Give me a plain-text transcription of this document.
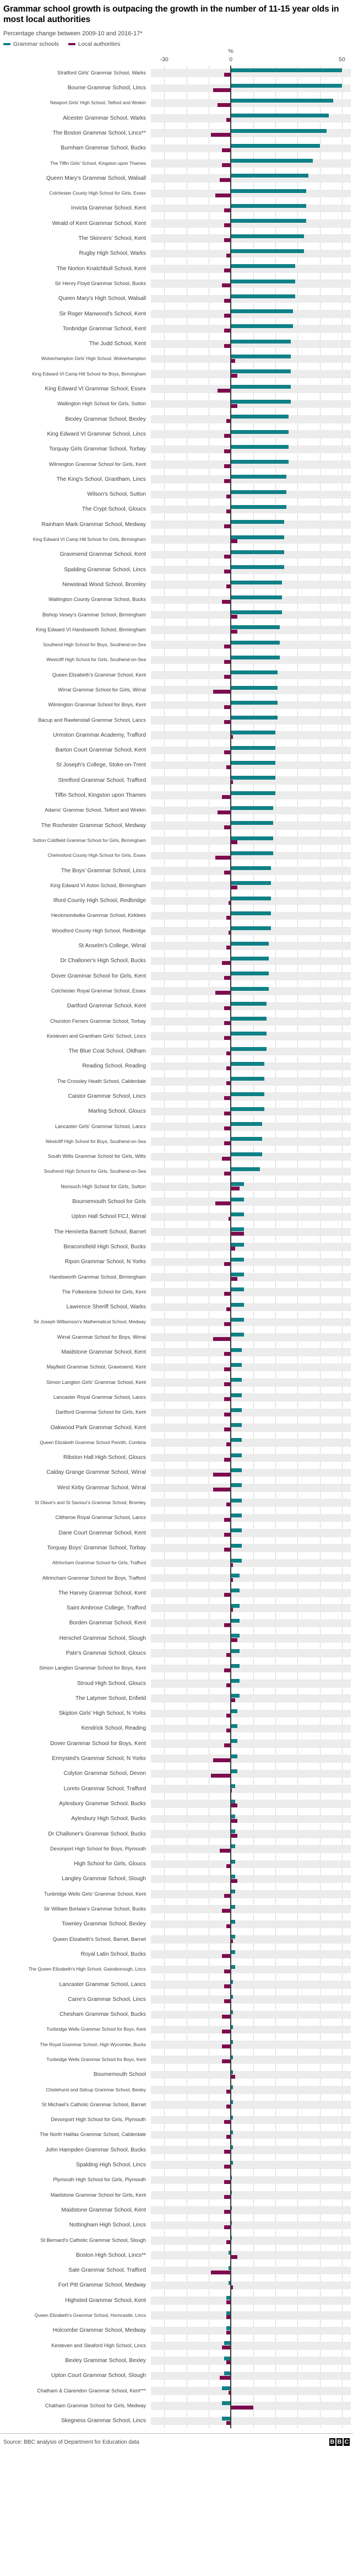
Grammar school growth is outpacing the growth in the number of 11-15 year olds in most local authorities
Percentage change between 2009-10 and 2016-17*
Grammar schools	Local authorities
%
-30	0	50
Stratford Girls' Grammar School, Warks
Bourne Grammar School, Lincs
Newport Girls' High School, Telford and Wrekin
Alcester Grammar School, Warks
The Boston Grammar School, Lincs**
Burnham Grammar School, Bucks
The Tiffin Girls' School, Kingston upon Thames
Queen Mary's Grammar School, Walsall
Colchester County High School for Girls, Essex
Invicta Grammar School, Kent
Weald of Kent Grammar School, Kent
The Skinners' School, Kent
Rugby High School, Warks
The Norton Knatchbull School, Kent
Sir Henry Floyd Grammar School, Bucks
Queen Mary's High School, Walsall
Sir Roger Manwood's School, Kent
Tonbridge Grammar School, Kent
The Judd School, Kent
Wolverhampton Girls' High School, Wolverhampton
King Edward VI Camp Hill School for Boys, Birmingham
King Edward VI Grammar School, Essex
Wallington High School for Girls, Sutton
Bexley Grammar School, Bexley
King Edward VI Grammar School, Lincs
Torquay Girls Grammar School, Torbay
Wilmington Grammar School for Girls, Kent
The King's School, Grantham, Lincs
Wilson's School, Sutton
The Crypt School, Gloucs
Rainham Mark Grammar School, Medway
King Edward VI Camp Hill School for Girls, Birmingham
Gravesend Grammar School, Kent
Spalding Grammar School, Lincs
Newstead Wood School, Bromley
Watlington County Grammar School, Bucks
Bishop Vesey's Grammar School, Birmingham
King Edward VI Handsworth School, Birmingham
Southend High School for Boys, Southend-on-Sea
Westcliff High School for Girls, Southend-on-Sea
Queen Elizabeth's Grammar School, Kent
Wirral Grammar School for Girls, Wirral
Wilmington Grammar School for Boys, Kent
Bacup and Rawtenstall Grammar School, Lancs
Urmston Grammar Academy, Trafford
Barton Court Grammar School, Kent
St Joseph's College, Stoke-on-Trent
Stretford Grammar School, Trafford
Tiffin School, Kingston upon Thames
Adams' Grammar School, Telford and Wrekin
The Rochester Grammar School, Medway
Sutton Coldfield Grammar School for Girls, Birmingham
Chelmsford County High School for Girls, Essex
The Boys' Grammar School, Lincs
King Edward VI Aston School, Birmingham
Ilford County High School, Redbridge
Heckmondwike Grammar School, Kirklees
Woodford County High School, Redbridge
St Anselm's College, Wirral
Dr Challoner's High School, Bucks
Dover Grammar School for Girls, Kent
Colchester Royal Grammar School, Essex
Dartford Grammar School, Kent
Churston Ferrers Grammar School, Torbay
Kesteven and Grantham Girls' School, Lincs
The Blue Coat School, Oldham
Reading School, Reading
The Crossley Heath School, Calderdale
Caistor Grammar School, Lincs
Marling School, Gloucs
Lancaster Girls' Grammar School, Lancs
Westcliff High School for Boys, Southend-on-Sea
South Wilts Grammar School for Girls, Wilts
Southend High School for Girls, Southend-on-Sea
Nonsuch High School for Girls, Sutton
Bournemouth School for Girls
Upton Hall School FCJ, Wirral
The Henrietta Barnett School, Barnet
Beaconsfield High School, Bucks
Ripon Grammar School, N Yorks
Handsworth Grammar School, Birmingham
The Folkestone School for Girls, Kent
Lawrence Sheriff School, Warks
Sir Joseph Williamson's Mathematical School, Medway
Wirral Grammar School for Boys, Wirral
Maidstone Grammar School, Kent
Mayfield Grammar School, Gravesend, Kent
Simon Langton Girls' Grammar School, Kent
Lancaster Royal Grammar School, Lancs
Dartford Grammar School for Girls, Kent
Oakwood Park Grammar School, Kent
Queen Elizabeth Grammar School Penrith, Cumbria
Ribston Hall High School, Gloucs
Calday Grange Grammar School, Wirral
West Kirby Grammar School, Wirral
St Olave's and St Saviour's Grammar School, Bromley
Clitheroe Royal Grammar School, Lancs
Dane Court Grammar School, Kent
Torquay Boys' Grammar School, Torbay
Altrincham Grammar School for Girls, Trafford
Altrincham Grammar School for Boys, Trafford
The Harvey Grammar School, Kent
Saint Ambrose College, Trafford
Borden Grammar School, Kent
Herschel Grammar School, Slough
Pate's Grammar School, Gloucs
Simon Langton Grammar School for Boys, Kent
Stroud High School, Gloucs
The Latymer School, Enfield
Skipton Girls' High School, N Yorks
Kendrick School, Reading
Dover Grammar School for Boys, Kent
Ermysted's Grammar School, N Yorks
Colyton Grammar School, Devon
Loreto Grammar School, Trafford
Aylesbury Grammar School, Bucks
Aylesbury High School, Bucks
Dr Challoner's Grammar School, Bucks
Devonport High School for Boys, Plymouth
High School for Girls, Gloucs
Langley Grammar School, Slough
Tunbridge Wells Girls' Grammar School, Kent
Sir William Borlase's Grammar School, Bucks
Townley Grammar School, Bexley
Queen Elizabeth's School, Barnet, Barnet
Royal Latin School, Bucks
The Queen Elizabeth's High School, Gainsborough, Lincs
Lancaster Grammar School, Lancs
Carre's Grammar School, Lincs
Chesham Grammar School, Bucks
Tunbridge Wells Grammar School for Boys, Kent
The Royal Grammar School, High Wycombe, Bucks
Tunbridge Wells Grammar School for Boys, Kent
Bournemouth School
Chislehurst and Sidcup Grammar School, Bexley
St Michael's Catholic Grammar School, Barnet
Devonport High School for Girls, Plymouth
The North Halifax Grammar School, Calderdale
John Hampden Grammar School, Bucks
Spalding High School, Lincs
Plymouth High School for Girls, Plymouth
Maidstone Grammar School for Girls, Kent
Maidstone Grammar School, Kent
Nottingham High School, Lincs
St Bernard's Catholic Grammar School, Slough
Boston High School, Lincs**
Sale Grammar School, Trafford
Fort Pitt Grammar School, Medway
Highsted Grammar School, Kent
Queen Elizabeth's Grammar School, Horncastle, Lincs
Holcombe Grammar School, Medway
Kesteven and Sleaford High School, Lincs
Bexley Grammar School, Bexley
Upton Court Grammar School, Slough
Chatham & Clarendon Grammar School, Kent***
Chatham Grammar School for Girls, Medway
Skegness Grammar School, Lincs
Source: BBC analysis of Department for Education data	B B C
